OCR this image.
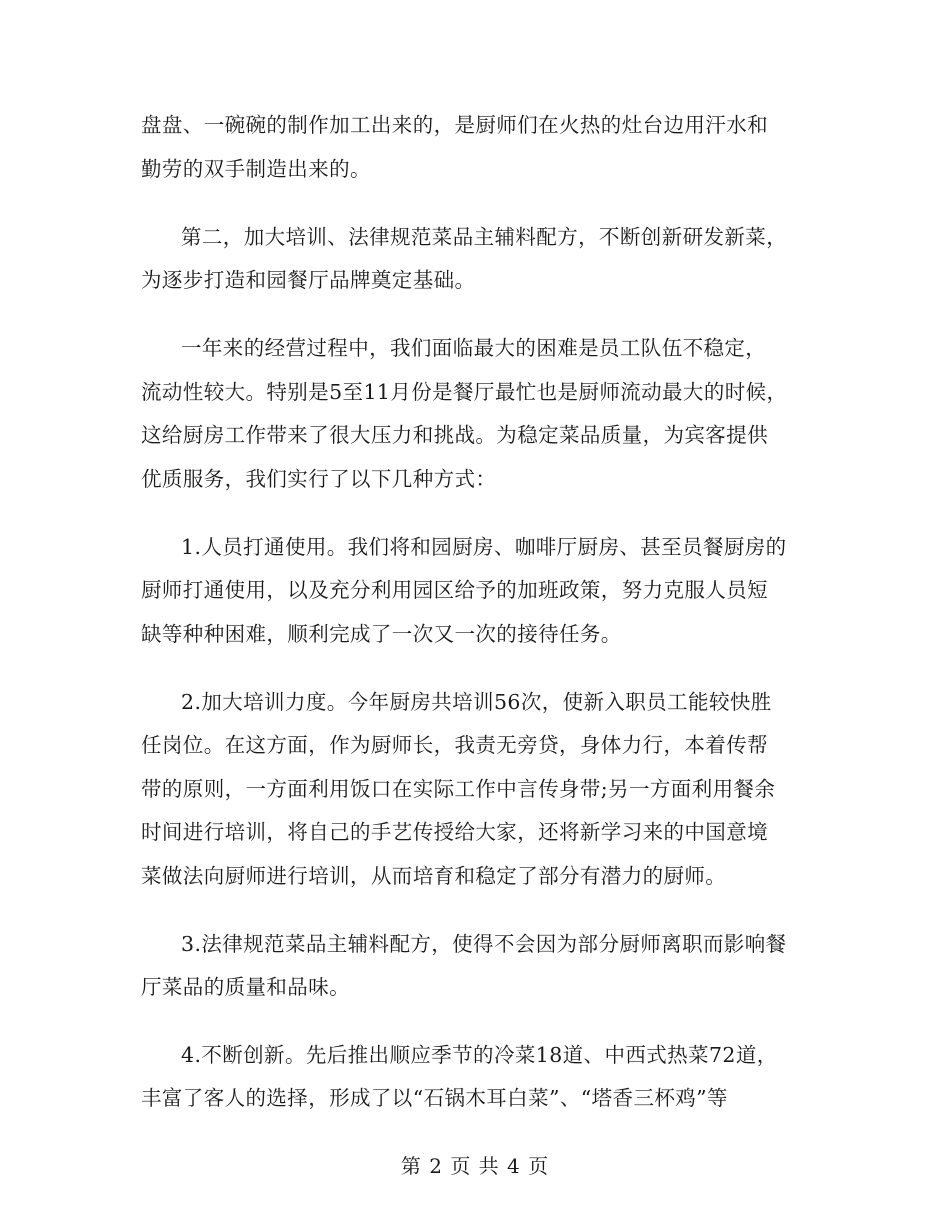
盘盘、一碗碗的制作加工出来的，是厨师们在火热的灶台边用汗水和
勤劳的双手制造出来的。
第二，加大培训、法律规范菜品主辅料配方，不断创新研发新菜，
为逐步打造和园餐厅品牌奠定基础。
一年来的经营过程中，我们面临最大的困难是员工队伍不稳定，
流动性较大。特别是5至11月份是餐厅最忙也是厨师流动最大的时候，
这给厨房工作带来了很大压力和挑战。为稳定菜品质量，为宾客提供
优质服务，我们实行了以下几种方式：
1.人员打通使用。我们将和园厨房、咖啡厅厨房、甚至员餐厨房的
厨师打通使用，以及充分利用园区给予的加班政策，努力克服人员短
缺等种种困难，顺利完成了一次又一次的接待任务。
2.加大培训力度。今年厨房共培训56次，使新入职员工能较快胜
任岗位。在这方面，作为厨师长，我责无旁贷，身体力行，本着传帮
带的原则，一方面利用饭口在实际工作中言传身带;另一方面利用餐余
时间进行培训，将自己的手艺传授给大家，还将新学习来的中国意境
菜做法向厨师进行培训，从而培育和稳定了部分有潜力的厨师。
3.法律规范菜品主辅料配方，使得不会因为部分厨师离职而影响餐
厅菜品的质量和品味。
4.不断创新。先后推出顺应季节的冷菜18道、中西式热菜72道，
丰富了客人的选择，形成了以“石锅木耳白菜”、“塔香三杯鸡”等
第 2 页 共 4 页
